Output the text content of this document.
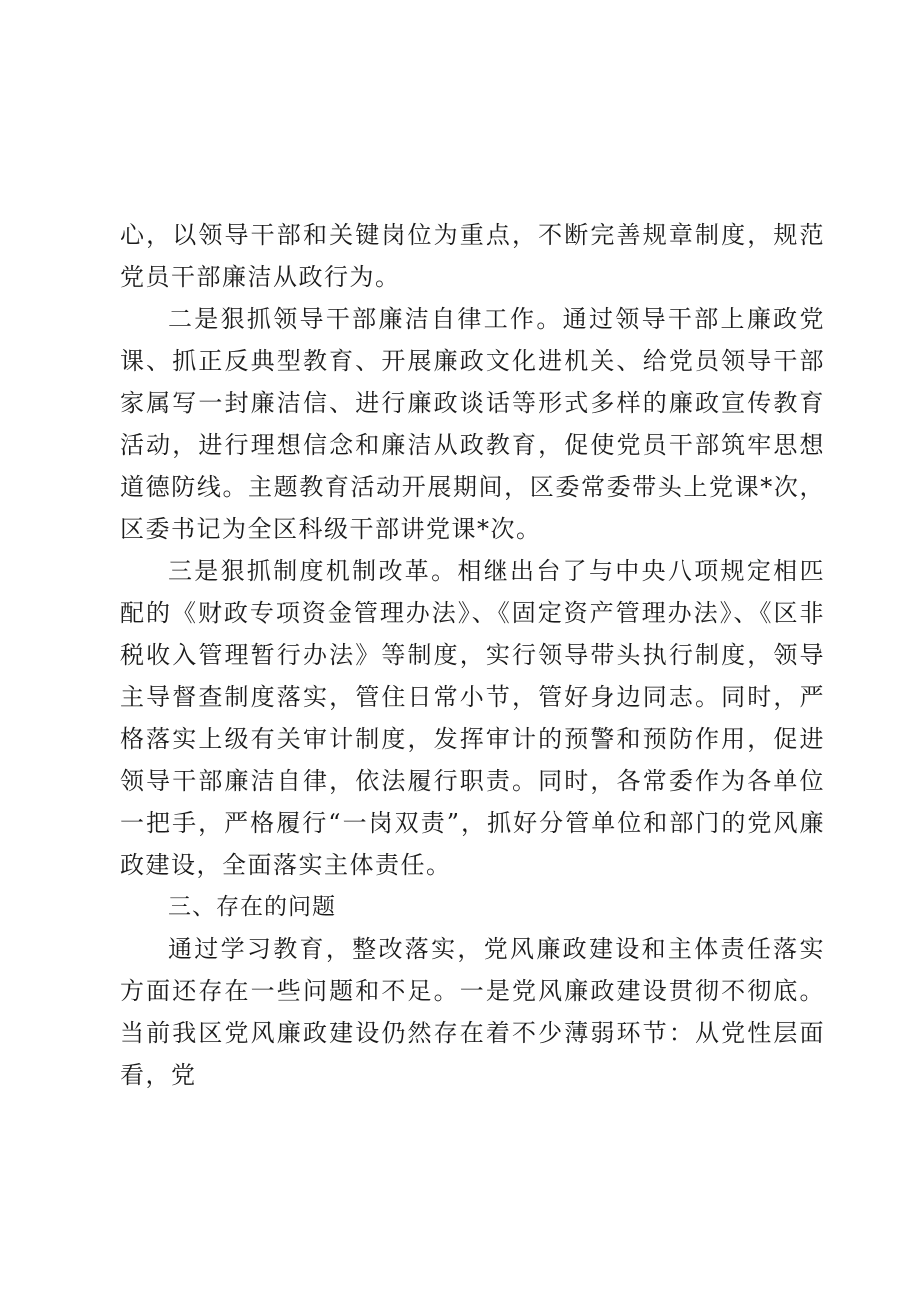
心，以领导干部和关键岗位为重点，不断完善规章制度，规范党员干部廉洁从政行为。

二是狠抓领导干部廉洁自律工作。通过领导干部上廉政党课、抓正反典型教育、开展廉政文化进机关、给党员领导干部家属写一封廉洁信、进行廉政谈话等形式多样的廉政宣传教育活动，进行理想信念和廉洁从政教育，促使党员干部筑牢思想道德防线。主题教育活动开展期间，区委常委带头上党课*次，区委书记为全区科级干部讲党课*次。

三是狠抓制度机制改革。相继出台了与中央八项规定相匹配的《财政专项资金管理办法》、《固定资产管理办法》、《区非税收入管理暂行办法》等制度，实行领导带头执行制度，领导主导督查制度落实，管住日常小节，管好身边同志。同时，严格落实上级有关审计制度，发挥审计的预警和预防作用，促进领导干部廉洁自律，依法履行职责。同时，各常委作为各单位一把手，严格履行“一岗双责”，抓好分管单位和部门的党风廉政建设，全面落实主体责任。

三、存在的问题

通过学习教育，整改落实，党风廉政建设和主体责任落实方面还存在一些问题和不足。一是党风廉政建设贯彻不彻底。当前我区党风廉政建设仍然存在着不少薄弱环节：从党性层面看，党
